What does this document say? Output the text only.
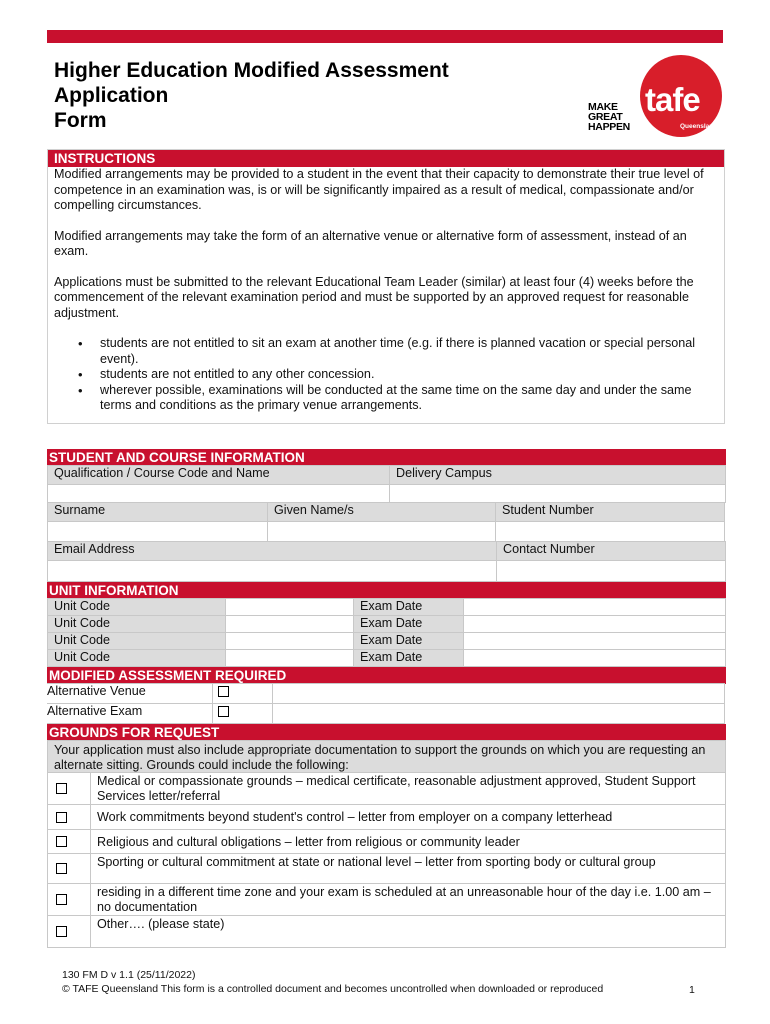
Higher Education Modified Assessment
Application
Form
MAKE
GREAT
HAPPEN
tafe
Queensland
INSTRUCTIONS

Modified arrangements may be provided to a student in the event that their capacity to demonstrate their true level of competence in an examination was, is or will be significantly impaired as a result of medical, compassionate and/or compelling circumstances.

Modified arrangements may take the form of an alternative venue or alternative form of assessment, instead of an exam.

Applications must be submitted to the relevant Educational Team Leader (similar) at least four (4) weeks before the commencement of the relevant examination period and must be supported by an approved request for reasonable adjustment.

• students are not entitled to sit an exam at another time (e.g. if there is planned vacation or special personal event).
• students are not entitled to any other concession.
• wherever possible, examinations will be conducted at the same time on the same day and under the same terms and conditions as the primary venue arrangements.
STUDENT AND COURSE INFORMATION
Qualification / Course Code and Name	Delivery Campus
Surname	Given Name/s	Student Number
Email Address	Contact Number
UNIT INFORMATION
Unit Code	Exam Date
Unit Code	Exam Date
Unit Code	Exam Date
Unit Code	Exam Date
MODIFIED ASSESSMENT REQUIRED
Alternative Venue
Alternative Exam
GROUNDS FOR REQUEST
Your application must also include appropriate documentation to support the grounds on which you are requesting an alternate sitting. Grounds could include the following:
Medical or compassionate grounds – medical certificate, reasonable adjustment approved, Student Support Services letter/referral
Work commitments beyond student's control – letter from employer on a company letterhead
Religious and cultural obligations – letter from religious or community leader
Sporting or cultural commitment at state or national level – letter from sporting body or cultural group
residing in a different time zone and your exam is scheduled at an unreasonable hour of the day i.e. 1.00 am – no documentation
Other…. (please state)
130 FM D v 1.1 (25/11/2022)
© TAFE Queensland This form is a controlled document and becomes uncontrolled when downloaded or reproduced	1
